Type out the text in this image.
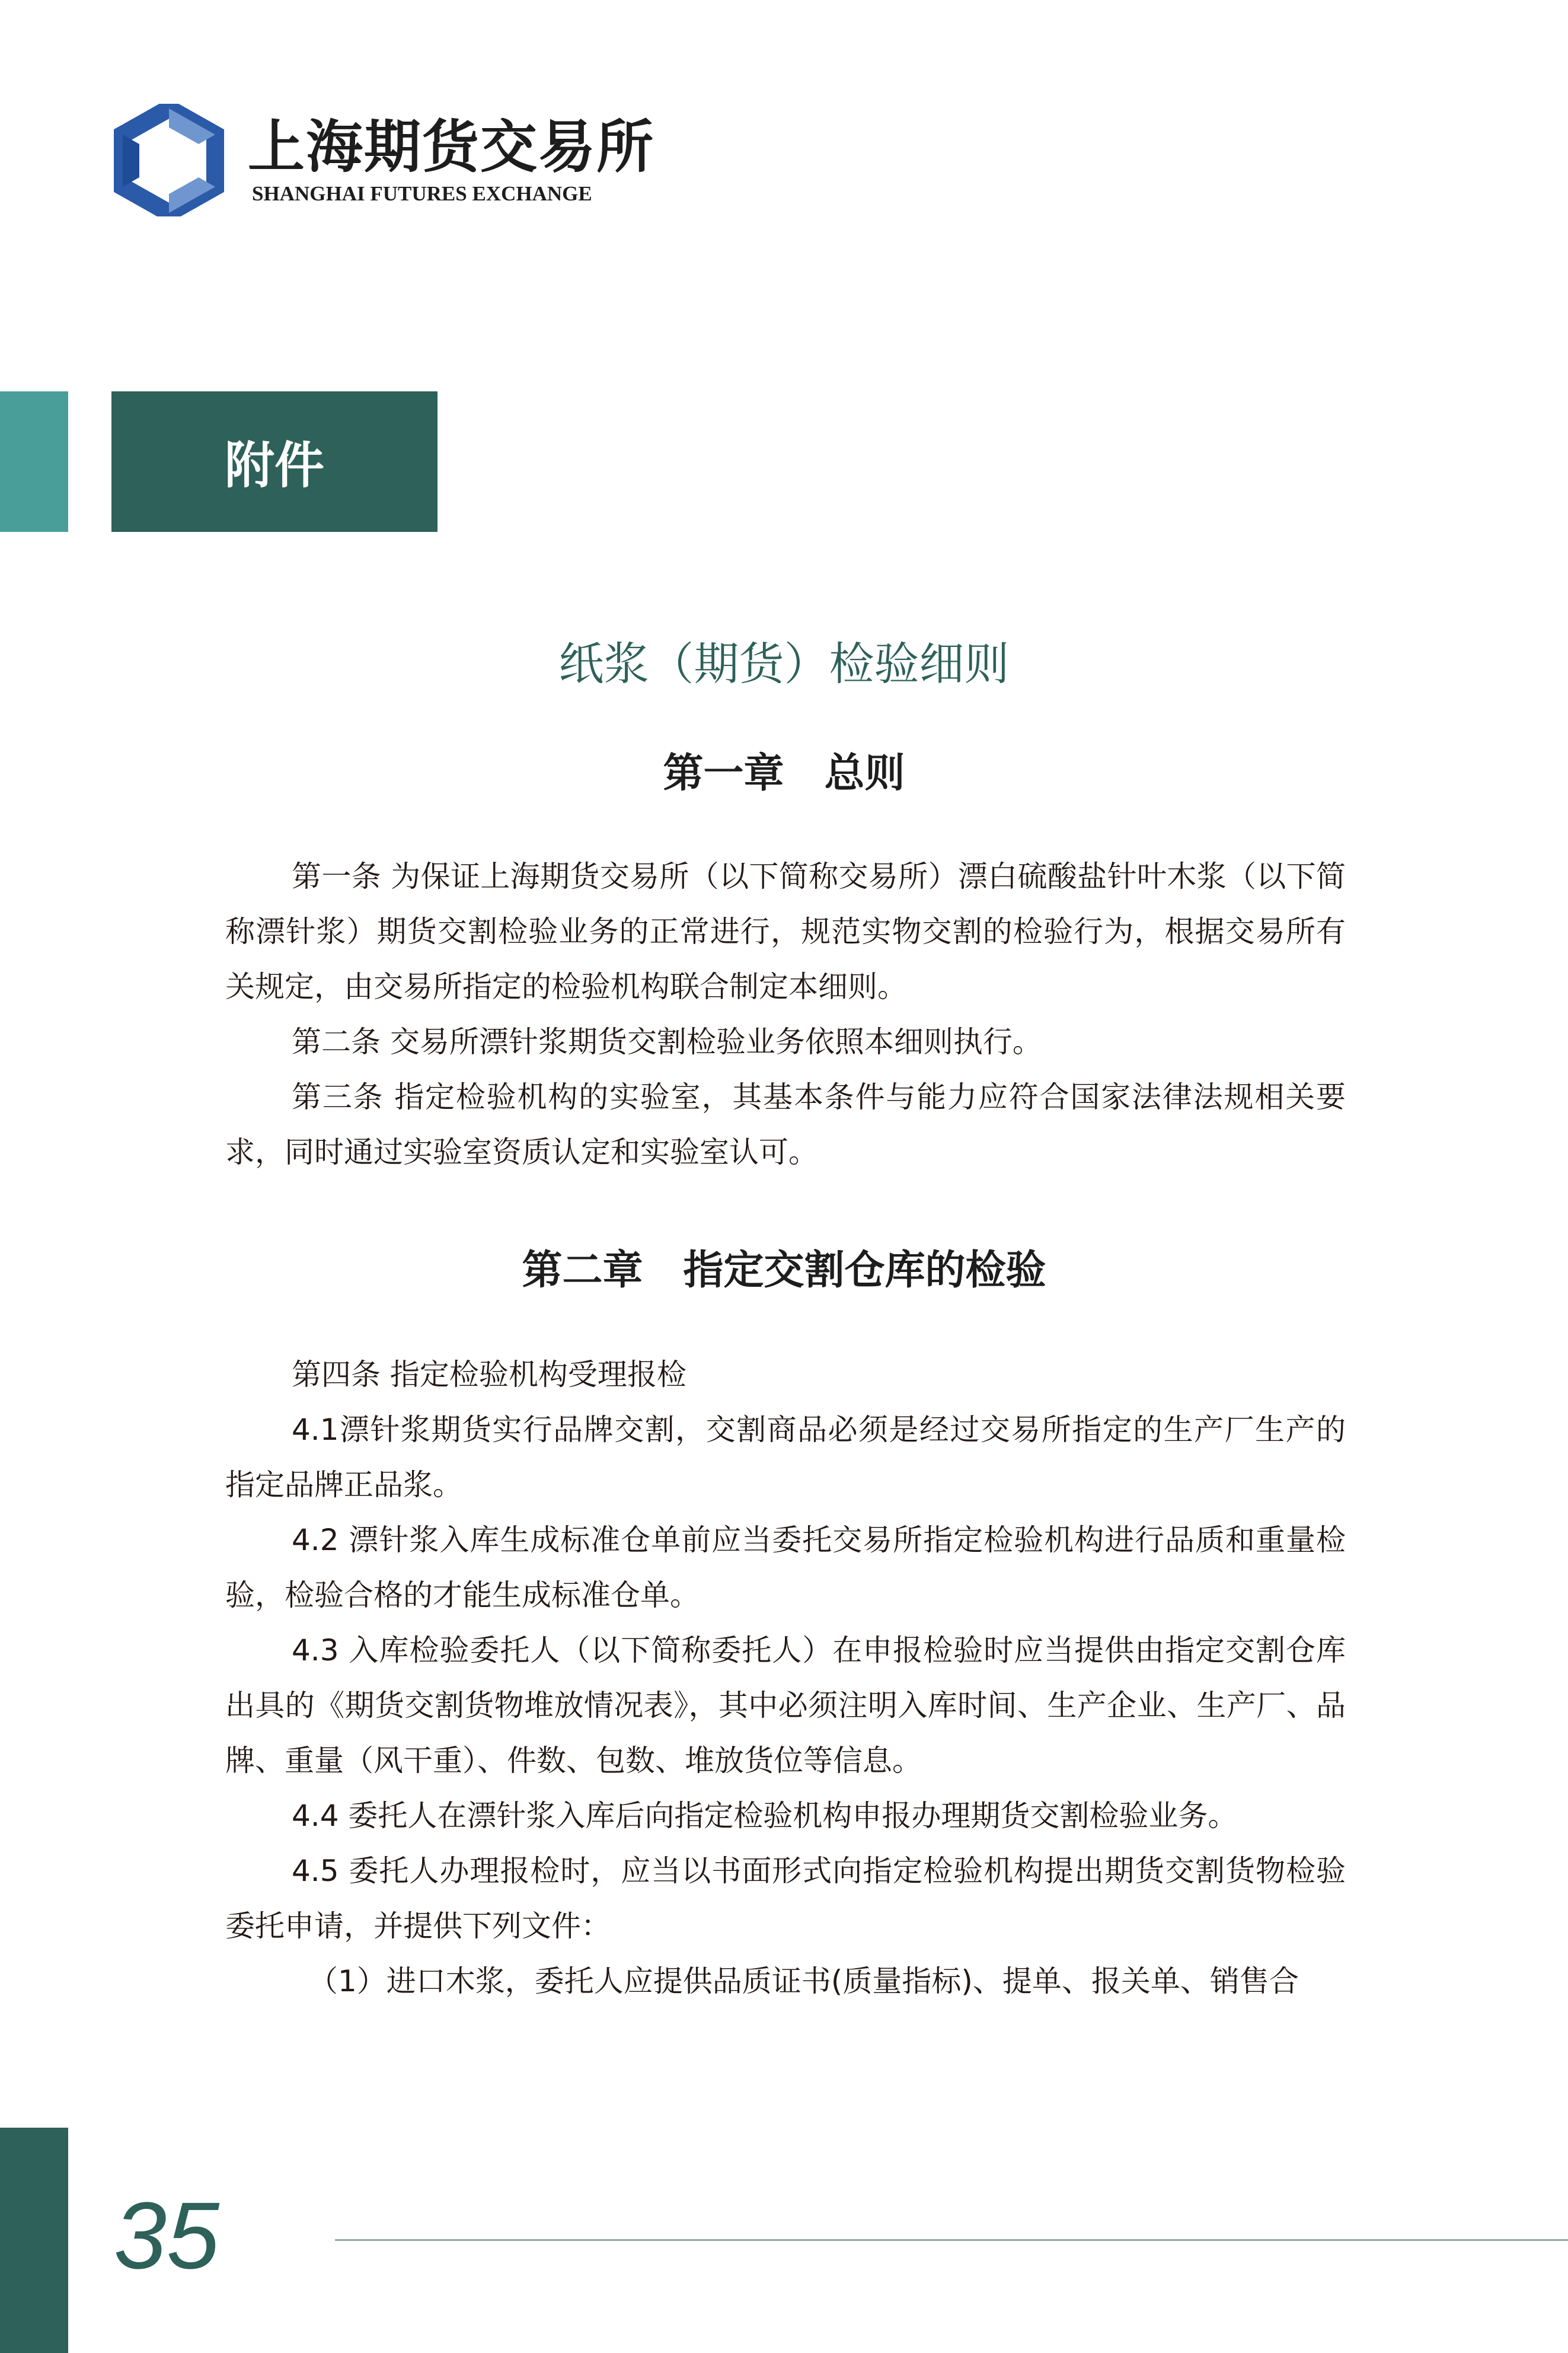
上海期货交易所
SHANGHAI FUTURES EXCHANGE
附件
纸浆（期货）检验细则
第一章　总则

第一条 为保证上海期货交易所（以下简称交易所）漂白硫酸盐针叶木浆（以下简称漂针浆）期货交割检验业务的正常进行，规范实物交割的检验行为，根据交易所有关规定，由交易所指定的检验机构联合制定本细则。

第二条 交易所漂针浆期货交割检验业务依照本细则执行。

第三条 指定检验机构的实验室，其基本条件与能力应符合国家法律法规相关要求，同时通过实验室资质认定和实验室认可。

第二章　指定交割仓库的检验

第四条 指定检验机构受理报检

4.1漂针浆期货实行品牌交割，交割商品必须是经过交易所指定的生产厂生产的指定品牌正品浆。

4.2 漂针浆入库生成标准仓单前应当委托交易所指定检验机构进行品质和重量检验，检验合格的才能生成标准仓单。

4.3 入库检验委托人（以下简称委托人）在申报检验时应当提供由指定交割仓库出具的《期货交割货物堆放情况表》，其中必须注明入库时间、生产企业、生产厂、品牌、重量（风干重）、件数、包数、堆放货位等信息。

4.4 委托人在漂针浆入库后向指定检验机构申报办理期货交割检验业务。

4.5 委托人办理报检时，应当以书面形式向指定检验机构提出期货交割货物检验委托申请，并提供下列文件：

（1）进口木浆，委托人应提供品质证书(质量指标)、提单、报关单、销售合

35
